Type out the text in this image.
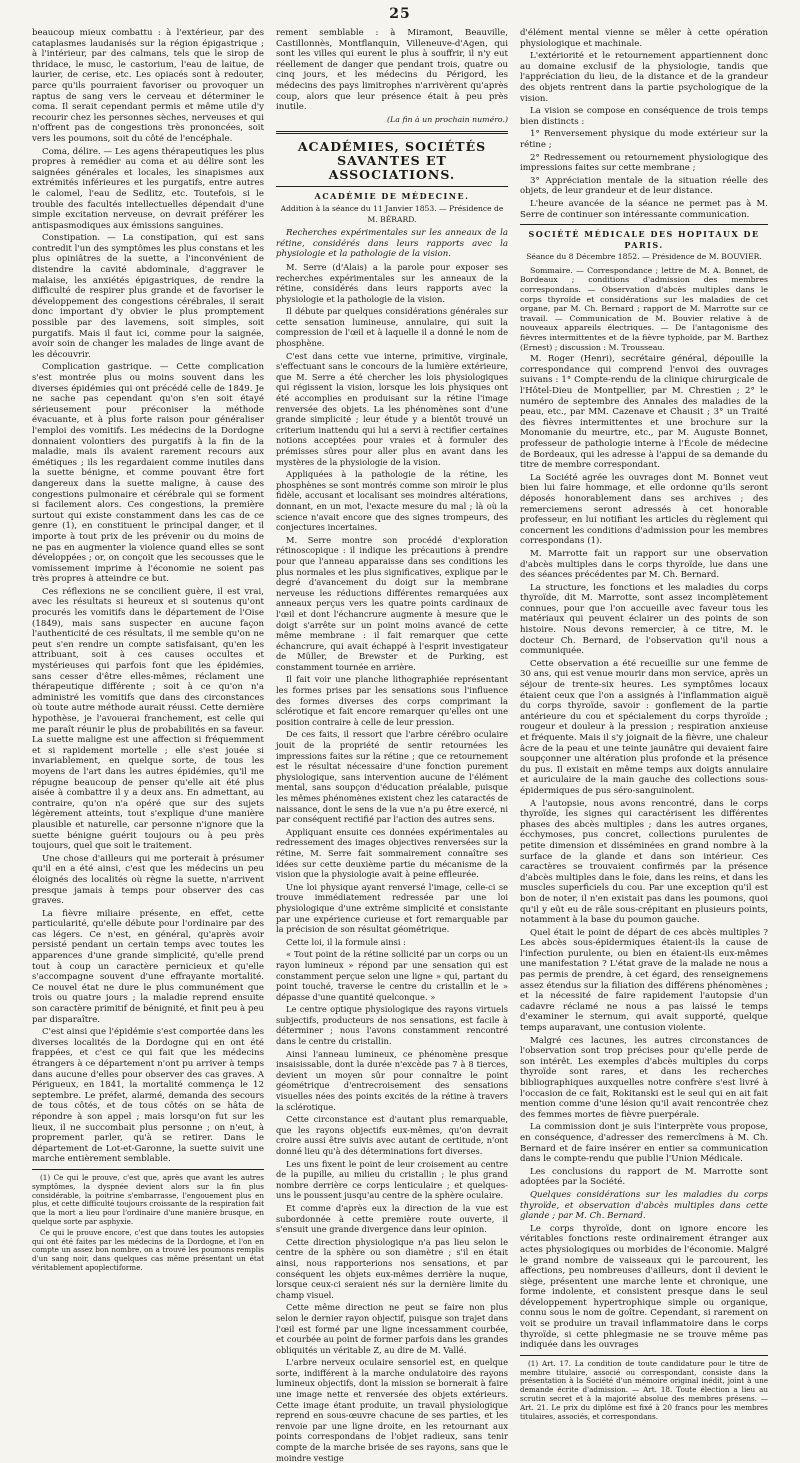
25

beaucoup mieux combattu : à l'extérieur, par des cataplasmes laudanisés sur la région épigastrique ; à l'intérieur, par des calmans, tels que le sirop de thridace, le musc, le castorium, l'eau de laitue, de laurier, de cerise, etc. Les opiacés sont à redouter, parce qu'ils pourraient favoriser ou provoquer un raptus de sang vers le cerveau et déterminer le coma. Il serait cependant permis et même utile d'y recourir chez les personnes sèches, nerveuses et qui n'offrent pas de congestions très prononcées, soit vers les poumons, soit du côté de l'encéphale.

Coma, délire. — Les agens thérapeutiques les plus propres à remédier au coma et au délire sont les saignées générales et locales, les sinapismes aux extrémités inférieures et les purgatifs, entre autres le calomel, l'eau de Sedlitz, etc. Toutefois, si le trouble des facultés intellectuelles dépendait d'une simple excitation nerveuse, on devrait préférer les antispasmodiques aux émissions sanguines.

Constipation. — La constipation, qui est sans contredit l'un des symptômes les plus constans et les plus opiniâtres de la suette, a l'inconvénient de distendre la cavité abdominale, d'aggraver le malaise, les anxiétés épigastriques, de rendre la difficulté de respirer plus grande et de favoriser le développement des congestions cérébrales, il serait donc important d'y obvier le plus promptement possible par des lavemens, soit simples, soit purgatifs. Mais il faut ici, comme pour la saignée, avoir soin de changer les malades de linge avant de les découvrir.

Complication gastrique. — Cette complication s'est montrée plus ou moins souvent dans les diverses épidémies qui ont précédé celle de 1849. Je ne sache pas cependant qu'on s'en soit étayé sérieusement pour préconiser la méthode évacuante, et à plus forte raison pour généraliser l'emploi des vomitifs. Les médecins de la Dordogne donnaient volontiers des purgatifs à la fin de la maladie, mais ils avaient rarement recours aux émétiques ; ils les regardaient comme inutiles dans la suette bénigne, et comme pouvant être fort dangereux dans la suette maligne, à cause des congestions pulmonaire et cérébrale qui se forment si facilement alors. Ces congestions, la première surtout qui existe constamment dans les cas de ce genre (1), en constituent le principal danger, et il importe à tout prix de les prévenir ou du moins de ne pas en augmenter la violence quand elles se sont développées ; or, on conçoit que les secousses que le vomissement imprime à l'économie ne soient pas très propres à atteindre ce but.

Ces réflexions ne se concilient guère, il est vrai, avec les résultats si heureux et si soutenus qu'ont procurés les vomitifs dans le département de l'Oise (1849), mais sans suspecter en aucune façon l'authenticité de ces résultats, il me semble qu'on ne peut s'en rendre un compte satisfaisant, qu'en les attribuant, soit à ces causes occultes et mystérieuses qui parfois font que les épidémies, sans cesser d'être elles-mêmes, réclament une thérapeutique différente ; soit à ce qu'on n'a administré les vomitifs que dans des circonstances où toute autre méthode aurait réussi. Cette dernière hypothèse, je l'avouerai franchement, est celle qui me paraît réunir le plus de probabilités en sa faveur. La suette maligne est une affection si fréquemment et si rapidement mortelle ; elle s'est jouée si invariablement, en quelque sorte, de tous les moyens de l'art dans les autres épidémies, qu'il me répugne beaucoup de penser qu'elle ait été plus aisée à combattre il y a deux ans. En admettant, au contraire, qu'on n'a opéré que sur des sujets légèrement atteints, tout s'explique d'une manière plausible et naturelle, car personne n'ignore que la suette bénigne guérit toujours ou à peu près toujours, quel que soit le traitement.

Une chose d'ailleurs qui me porterait à présumer qu'il en a été ainsi, c'est que les médecins un peu éloignés des localités où règne la suette, n'arrivent presque jamais à temps pour observer des cas graves.

La fièvre miliaire présente, en effet, cette particularité, qu'elle débute pour l'ordinaire par des cas légers. Ce n'est, en général, qu'après avoir persisté pendant un certain temps avec toutes les apparences d'une grande simplicité, qu'elle prend tout à coup un caractère pernicieux et qu'elle s'accompagne souvent d'une effrayante mortalité. Ce nouvel état ne dure le plus communément que trois ou quatre jours ; la maladie reprend ensuite son caractère primitif de bénignité, et finit peu à peu par disparaître.

C'est ainsi que l'épidémie s'est comportée dans les diverses localités de la Dordogne qui en ont été frappées, et c'est ce qui fait que les médecins étrangers à ce département n'ont pu arriver à temps dans aucune d'elles pour observer des cas graves. A Périgueux, en 1841, la mortalité commença le 12 septembre. Le préfet, alarmé, demanda des secours de tous côtés, et de tous côtés on se hâta de répondre à son appel ; mais lorsqu'on fut sur les lieux, il ne succombait plus personne ; on n'eut, à proprement parler, qu'à se retirer. Dans le département de Lot-et-Garonne, la suette suivit une marche entièrement semblable.

(1) Ce qui le prouve, c'est que, après que avant les autres symptômes, la dyspnée devient alors sur la fin plus considérable, la poitrine s'embarrasse, l'engouement plus en plus, et cette difficulté toujours croissante de la respiration fait que la mort a lieu pour l'ordinaire d'une manière brusque, en quelque sorte par asphyxie.

Ce qui le prouve encore, c'est que dans toutes les autopsies qui ont été faites par les médecins de la Dordogne, et l'on en compte un assez bon nombre, on a trouvé les poumons remplis d'un sang noir, dans quelques cas même présentant un état véritablement apoplectiforme.

rement semblable : à Miramont, Beauville, Castillonnès, Montflanquin, Villeneuve-d'Agen, qui sont les villes qui eurent le plus à souffrir, il n'y eut réellement de danger que pendant trois, quatre ou cinq jours, et les médecins du Périgord, les médecins des pays limitrophes n'arrivèrent qu'après coup, alors que leur présence était à peu près inutile.

(La fin à un prochain numéro.)
ACADÉMIES, SOCIÉTÉS SAVANTES ET ASSOCIATIONS.
ACADÉMIE DE MÉDECINE.
Addition à la séance du 11 Janvier 1853. — Présidence de M. BÉRARD.

Recherches expérimentales sur les anneaux de la rétine, considérés dans leurs rapports avec la physiologie et la pathologie de la vision.

M. Serre (d'Alais) a la parole pour exposer ses recherches expérimentales sur les anneaux de la rétine, considérés dans leurs rapports avec la physiologie et la pathologie de la vision.

Il débute par quelques considérations générales sur cette sensation lumineuse, annulaire, qui suit la compression de l'œil et à laquelle il a donné le nom de phosphène.

C'est dans cette vue interne, primitive, virginale, s'effectuant sans le concours de la lumière extérieure, que M. Serre a été chercher les lois physiologiques qui régissent la vision, lorsque les lois physiques ont été accomplies en produisant sur la rétine l'image renversée des objets. La les phénomènes sont d'une grande simplicité ; leur étude y a bientôt trouvé un criterium inattendu qui lui a servi à rectifier certaines notions acceptées pour vraies et à formuler des prémisses sûres pour aller plus en avant dans les mystères de la physiologie de la vision.

Appliquées à la pathologie de la rétine, les phosphènes se sont montrés comme son miroir le plus fidèle, accusant et localisant ses moindres altérations, donnant, en un mot, l'exacte mesure du mal ; là où la science n'avait encore que des signes trompeurs, des conjectures incertaines.

M. Serre montre son procédé d'exploration rétinoscopique : il indique les précautions à prendre pour que l'anneau apparaisse dans ses conditions les plus normales et les plus significatives, explique par le degré d'avancement du doigt sur la membrane nerveuse les réductions différentes remarquées aux anneaux perçus vers les quatre points cardinaux de l'œil et dont l'échancrure augmente à mesure que le doigt s'arrête sur un point moins avancé de cette même membrane : il fait remarquer que cette échancrure, qui avait échappé à l'esprit investigateur de Müller, de Brewster et de Purking, est constamment tournée en arrière.

Il fait voir une planche lithographiée représentant les formes prises par les sensations sous l'influence des formes diverses des corps comprimant la sclérotique et fait encore remarquer qu'elles ont une position contraire à celle de leur pression.

De ces faits, il ressort que l'arbre cérébro oculaire jouit de la propriété de sentir retournées les impressions faites sur la rétine ; que ce retournement est le résultat nécessaire d'une fonction purement physiologique, sans intervention aucune de l'élément mental, sans soupçon d'éducation préalable, puisque les mêmes phénomènes existent chez les cataractés de naissance, dont le sens de la vue n'a pu être exercé, ni par conséquent rectifié par l'action des autres sens.

Appliquant ensuite ces données expérimentales au redressement des images objectives renversées sur la rétine, M. Serre fait sommairement connaître ses idées sur cette deuxième partie du mécanisme de la vision que la physiologie avait à peine effleurée.

Une loi physique ayant renversé l'image, celle-ci se trouve immédiatement redressée par une loi physiologique d'une extrême simplicité et consistante par une expérience curieuse et fort remarquable par la précision de son résultat géométrique.

Cette loi, il la formule ainsi :

« Tout point de la rétine sollicité par un corps ou un rayon lumineux » répond par une sensation qui est constamment perçue selon une ligne » qui, partant du point touché, traverse le centre du cristallin et le » dépasse d'une quantité quelconque. »

Le centre optique physiologique des rayons virtuels subjectifs, producteurs de nos sensations, est facile à déterminer ; nous l'avons constamment rencontré dans le centre du cristallin.

Ainsi l'anneau lumineux, ce phénomène presque insaisissable, dont la durée n'excède pas 7 à 8 tierces, devient un moyen sûr pour connaître le point géométrique d'entrecroisement des sensations visuelles nées des points excités de la rétine à travers la sclérotique.

Cette circonstance est d'autant plus remarquable, que les rayons objectifs eux-mêmes, qu'on devrait croire aussi être suivis avec autant de certitude, n'ont donné lieu qu'à des déterminations fort diverses.

Les uns fixent le point de leur croisement au centre de la pupille, au milieu du cristallin ; le plus grand nombre derrière ce corps lenticulaire ; et quelques-uns le poussent jusqu'au centre de la sphère oculaire.

Et comme d'après eux la direction de la vue est subordonnée à cette première route ouverte, il s'ensuit une grande divergence dans leur opinion.

Cette direction physiologique n'a pas lieu selon le centre de la sphère ou son diamètre ; s'il en était ainsi, nous rapporterions nos sensations, et par conséquent les objets eux-mêmes derrière la nuque, lorsque ceux-ci seraient nés sur la dernière limite du champ visuel.

Cette même direction ne peut se faire non plus selon le dernier rayon objectif, puisque son trajet dans l'œil est formé par une ligne incessamment courbée, et courbée au point de former parfois dans les grandes obliquités un véritable Z, au dire de M. Vallé.

L'arbre nerveux oculaire sensoriel est, en quelque sorte, indifférent à la marche ondulatoire des rayons lumineux objectifs, dont la mission se bornerait à faire une image nette et renversée des objets extérieurs. Cette image étant produite, un travail physiologique reprend en sous-œuvre chacune de ses parties, et les renvoie par une ligne droite, en les retournant aux points correspondans de l'objet radieux, sans tenir compte de la marche brisée de ses rayons, sans que le moindre vestige

d'élément mental vienne se mêler à cette opération physiologique et machinale.

L'extériorité et le retournement appartiennent donc au domaine exclusif de la physiologie, tandis que l'appréciation du lieu, de la distance et de la grandeur des objets rentrent dans la partie psychologique de la vision.

La vision se compose en conséquence de trois temps bien distincts :

1° Renversement physique du mode extérieur sur la rétine ;

2° Redressement ou retournement physiologique des impressions faites sur cette membrane ;

3° Appréciation mentale de la situation réelle des objets, de leur grandeur et de leur distance.

L'heure avancée de la séance ne permet pas à M. Serre de continuer son intéressante communication.

SOCIÉTÉ MÉDICALE DES HOPITAUX DE PARIS.
Séance du 8 Décembre 1852. — Présidence de M. BOUVIER.

Sommaire. — Correspondance ; lettre de M. A. Bonnet, de Bordeaux ; conditions d'admission des membres correspondans. — Observation d'abcès multiples dans le corps thyroïde et considérations sur les maladies de cet organe, par M. Ch. Bernard ; rapport de M. Marrotte sur ce travail. — Communication de M. Bouvier relative à de nouveaux appareils électriques. — De l'antagonisme des fièvres intermittentes et de la fièvre typhoïde, par M. Barthez (Ernest) ; discussion : M. Trousseau.

M. Roger (Henri), secrétaire général, dépouille la correspondance qui comprend l'envoi des ouvrages suivans : 1° Compte-rendu de la clinique chirurgicale de l'Hôtel-Dieu de Montpellier, par M. Chrestien ; 2° le numéro de septembre des Annales des maladies de la peau, etc., par MM. Cazenave et Chausit ; 3° un Traité des fièvres intermittentes et une brochure sur la Monomanie du meurtre, etc., par M. Auguste Bonnet, professeur de pathologie interne à l'École de médecine de Bordeaux, qui les adresse à l'appui de sa demande du titre de membre correspondant.

La Société agrée les ouvrages dont M. Bonnet veut bien lui faire hommage, et elle ordonne qu'ils seront déposés honorablement dans ses archives ; des remerciemens seront adressés à cet honorable professeur, en lui notifiant les articles du règlement qui concernent les conditions d'admission pour les membres correspondans (1).

M. Marrotte fait un rapport sur une observation d'abcès multiples dans le corps thyroïde, lue dans une des séances précédentes par M. Ch. Bernard.

La structure, les fonctions et les maladies du corps thyroïde, dit M. Marrotte, sont assez incomplètement connues, pour que l'on accueille avec faveur tous les matériaux qui peuvent éclairer un des points de son histoire. Nous devons remercier, à ce titre, M. le docteur Ch. Bernard, de l'observation qu'il nous a communiquée.

Cette observation a été recueillie sur une femme de 30 ans, qui est venue mourir dans mon service, après un séjour de trente-six heures. Les symptômes locaux étaient ceux que l'on a assignés à l'inflammation aiguë du corps thyroïde, savoir : gonflement de la partie antérieure du cou et spécialement du corps thyroïde ; rougeur et douleur à la pression ; respiration anxieuse et fréquente. Mais il s'y joignait de la fièvre, une chaleur âcre de la peau et une teinte jaunâtre qui devaient faire soupçonner une altération plus profonde et la présence du pus. Il existait en même temps aux doigts annulaire et auriculaire de la main gauche des collections sous-épidermiques de pus séro-sanguinolent.

A l'autopsie, nous avons rencontré, dans le corps thyroïde, les signes qui caractérisent les différentes phases des abcès multiples ; dans les autres organes, écchymoses, pus concret, collections purulentes de petite dimension et disséminées en grand nombre à la surface de la glande et dans son intérieur. Ces caractères se trouvaient confirmés par la présence d'abcès multiples dans le foie, dans les reins, et dans les muscles superficiels du cou. Par une exception qu'il est bon de noter, il n'en existait pas dans les poumons, quoi qu'il y eût eu de râle sous-crépitant en plusieurs points, notamment à la base du poumon gauche.

Quel était le point de départ de ces abcès multiples ? Les abcès sous-épidermiques étaient-ils la cause de l'infection purulente, ou bien en étaient-ils eux-mêmes une manifestation ? L'état grave de la malade ne nous a pas permis de prendre, à cet égard, des renseignemens assez étendus sur la filiation des différens phénomènes ; et la nécessité de faire rapidement l'autopsie d'un cadavre réclamé ne nous a pas laissé le temps d'examiner le sternum, qui avait supporté, quelque temps auparavant, une contusion violente.

Malgré ces lacunes, les autres circonstances de l'observation sont trop précises pour qu'elle perde de son intérêt. Les exemples d'abcès multiples du corps thyroïde sont rares, et dans les recherches bibliographiques auxquelles notre confrère s'est livré à l'occasion de ce fait, Rokitanski est le seul qui en ait fait mention comme d'une lésion qu'il avait rencontrée chez des femmes mortes de fièvre puerpérale.

La commission dont je suis l'interprète vous propose, en conséquence, d'adresser des remercîmens à M. Ch. Bernard et de faire insérer en entier sa communication dans le compte-rendu que publie l'Union Médicale.

Les conclusions du rapport de M. Marrotte sont adoptées par la Société.

Quelques considérations sur les maladies du corps thyroïde, et observation d'abcès multiples dans cette glande ; par M. Ch. Bernard.

Le corps thyroïde, dont on ignore encore les véritables fonctions reste ordinairement étranger aux actes physiologiques ou morbides de l'économie. Malgré le grand nombre de vaisseaux qui le parcourent, les affections, peu nombreuses d'ailleurs, dont il devient le siège, présentent une marche lente et chronique, une forme indolente, et consistent presque dans le seul développement hypertrophique simple ou organique, connu sous le nom de goître. Cependant, si rarement on voit se produire un travail inflammatoire dans le corps thyroïde, si cette phlegmasie ne se trouve même pas indiquée dans les ouvrages

(1) Art. 17. La condition de toute candidature pour le titre de membre titulaire, associé ou correspondant, consiste dans la présentation à la Société d'un mémoire original inédit, joint à une demande écrite d'admission. — Art. 18. Toute élection a lieu au scrutin secret et à la majorité absolue des membres présens. — Art. 21. Le prix du diplôme est fixé à 20 francs pour les membres titulaires, associés, et correspondans.
